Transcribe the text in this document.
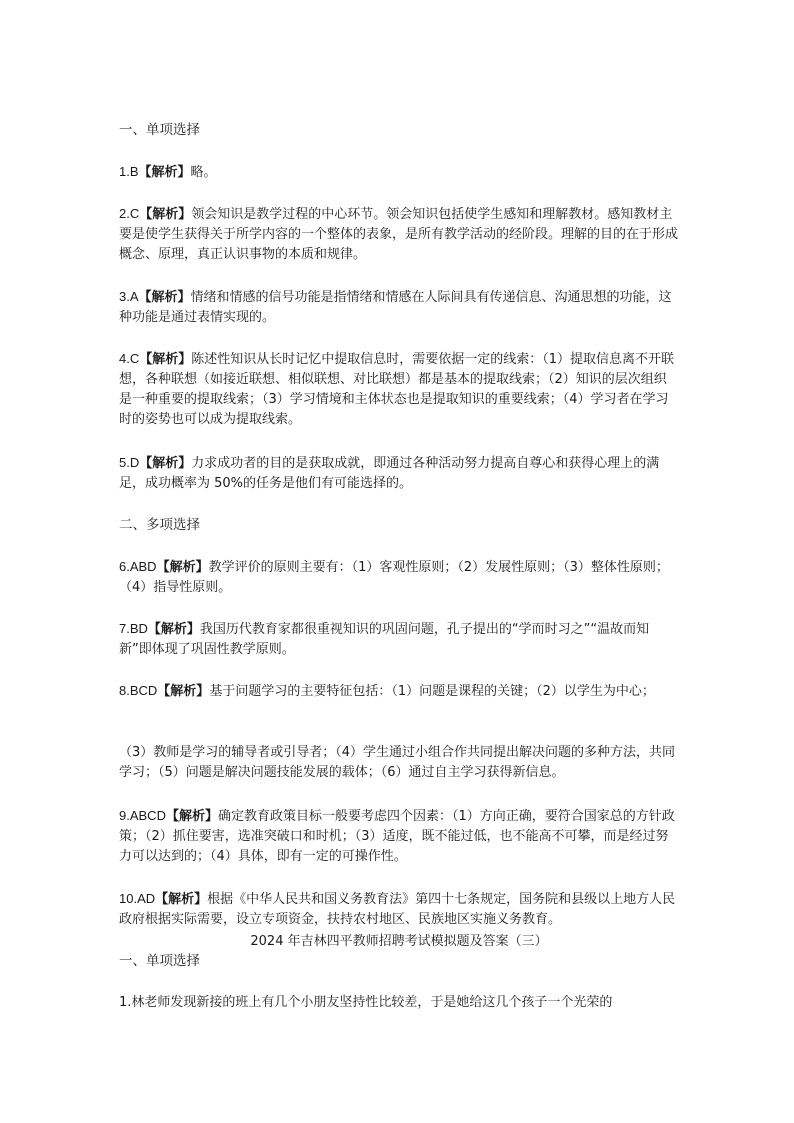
一、单项选择
1.B【解析】略。
2.C【解析】领会知识是教学过程的中心环节。领会知识包括使学生感知和理解教材。感知教材主要是使学生获得关于所学内容的一个整体的表象，是所有教学活动的经阶段。理解的目的在于形成概念、原理，真正认识事物的本质和规律。
3.A【解析】情绪和情感的信号功能是指情绪和情感在人际间具有传递信息、沟通思想的功能，这种功能是通过表情实现的。
4.C【解析】陈述性知识从长时记忆中提取信息时，需要依据一定的线索：（1）提取信息离不开联想，各种联想（如接近联想、相似联想、对比联想）都是基本的提取线索；（2）知识的层次组织是一种重要的提取线索；（3）学习情境和主体状态也是提取知识的重要线索；（4）学习者在学习时的姿势也可以成为提取线索。
5.D【解析】力求成功者的目的是获取成就，即通过各种活动努力提高自尊心和获得心理上的满足，成功概率为 50%的任务是他们有可能选择的。
二、多项选择
6.ABD【解析】教学评价的原则主要有：（1）客观性原则；（2）发展性原则；（3）整体性原则；（4）指导性原则。
7.BD【解析】我国历代教育家都很重视知识的巩固问题，孔子提出的“学而时习之”“温故而知新”即体现了巩固性教学原则。
8.BCD【解析】基于问题学习的主要特征包括：（1）问题是课程的关键；（2）以学生为中心；
（3）教师是学习的辅导者或引导者；（4）学生通过小组合作共同提出解决问题的多种方法，共同学习；（5）问题是解决问题技能发展的载体；（6）通过自主学习获得新信息。
9.ABCD【解析】确定教育政策目标一般要考虑四个因素：（1）方向正确，要符合国家总的方针政策；（2）抓住要害，选准突破口和时机；（3）适度，既不能过低，也不能高不可攀，而是经过努力可以达到的；（4）具体，即有一定的可操作性。
10.AD【解析】根据《中华人民共和国义务教育法》第四十七条规定，国务院和县级以上地方人民政府根据实际需要，设立专项资金，扶持农村地区、民族地区实施义务教育。
一、单项选择
1.林老师发现新接的班上有几个小朋友坚持性比较差，于是她给这几个孩子一个光荣的
2024 年吉林四平教师招聘考试模拟题及答案（三）
